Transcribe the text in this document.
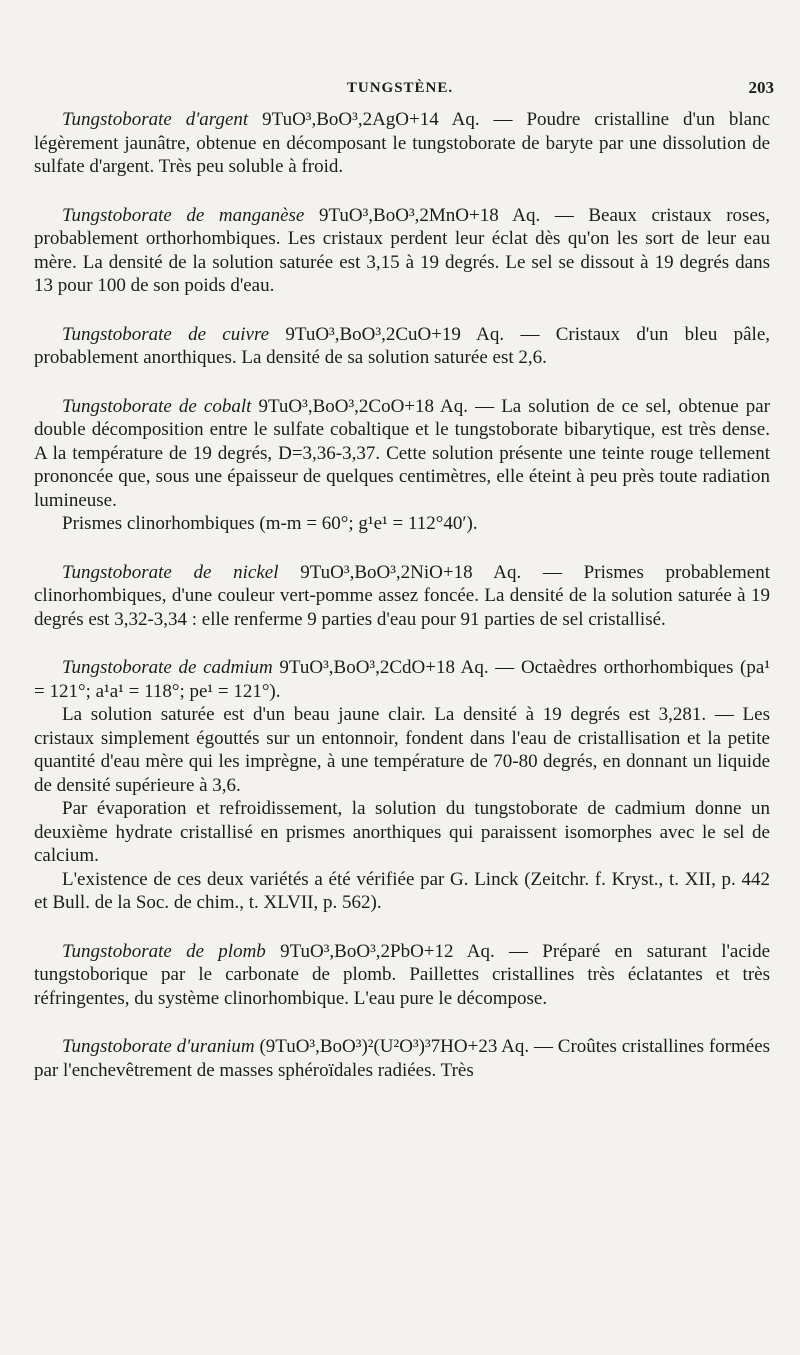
TUNGSTÈNE.	203

Tungstoborate d'argent 9TuO³,BoO³,2AgO+14 Aq. — Poudre cristalline d'un blanc légèrement jaunâtre, obtenue en décomposant le tungstoborate de baryte par une dissolution de sulfate d'argent. Très peu soluble à froid.

Tungstoborate de manganèse 9TuO³,BoO³,2MnO+18 Aq. — Beaux cristaux roses, probablement orthorhombiques. Les cristaux perdent leur éclat dès qu'on les sort de leur eau mère. La densité de la solution saturée est 3,15 à 19 degrés. Le sel se dissout à 19 degrés dans 13 pour 100 de son poids d'eau.

Tungstoborate de cuivre 9TuO³,BoO³,2CuO+19 Aq. — Cristaux d'un bleu pâle, probablement anorthiques. La densité de sa solution saturée est 2,6.

Tungstoborate de cobalt 9TuO³,BoO³,2CoO+18 Aq. — La solution de ce sel, obtenue par double décomposition entre le sulfate cobaltique et le tungstoborate bibarytique, est très dense. A la température de 19 degrés, D=3,36-3,37. Cette solution présente une teinte rouge tellement prononcée que, sous une épaisseur de quelques centimètres, elle éteint à peu près toute radiation lumineuse.

Prismes clinorhombiques (m-m = 60°; g¹e¹ = 112°40′).

Tungstoborate de nickel 9TuO³,BoO³,2NiO+18 Aq. — Prismes probablement clinorhombiques, d'une couleur vert-pomme assez foncée. La densité de la solution saturée à 19 degrés est 3,32-3,34 : elle renferme 9 parties d'eau pour 91 parties de sel cristallisé.

Tungstoborate de cadmium 9TuO³,BoO³,2CdO+18 Aq. — Octaèdres orthorhombiques (pa¹ = 121°; a¹a¹ = 118°; pe¹ = 121°).

La solution saturée est d'un beau jaune clair. La densité à 19 degrés est 3,281. — Les cristaux simplement égouttés sur un entonnoir, fondent dans l'eau de cristallisation et la petite quantité d'eau mère qui les imprègne, à une température de 70-80 degrés, en donnant un liquide de densité supérieure à 3,6.

Par évaporation et refroidissement, la solution du tungstoborate de cadmium donne un deuxième hydrate cristallisé en prismes anorthiques qui paraissent isomorphes avec le sel de calcium.

L'existence de ces deux variétés a été vérifiée par G. Linck (Zeitchr. f. Kryst., t. XII, p. 442 et Bull. de la Soc. de chim., t. XLVII, p. 562).

Tungstoborate de plomb 9TuO³,BoO³,2PbO+12 Aq. — Préparé en saturant l'acide tungstoborique par le carbonate de plomb. Paillettes cristallines très éclatantes et très réfringentes, du système clinorhombique. L'eau pure le décompose.

Tungstoborate d'uranium (9TuO³,BoO³)²(U²O³)³7HO+23 Aq. — Croûtes cristallines formées par l'enchevêtrement de masses sphéroïdales radiées. Très
